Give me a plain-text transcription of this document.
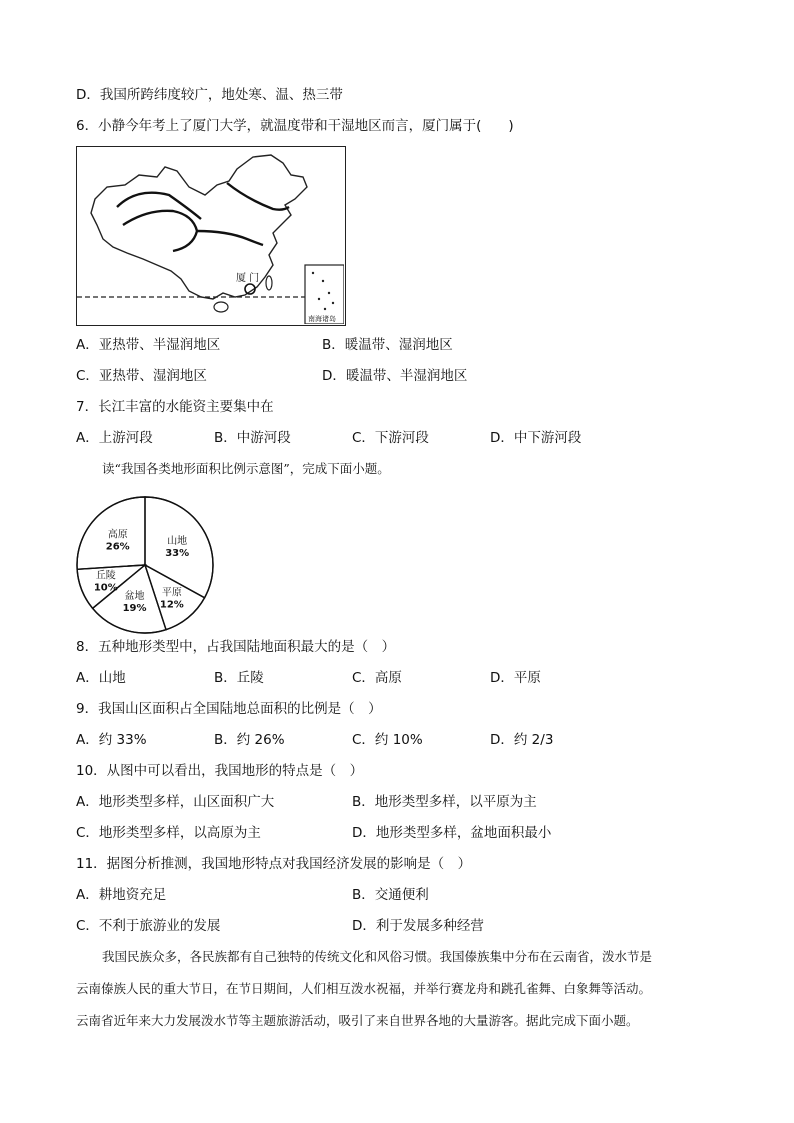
D．我国所跨纬度较广，地处寒、温、热三带
6．小静今年考上了厦门大学，就温度带和干湿地区而言，厦门属于(　　)
厦 门
南海诸岛
A．亚热带、半湿润地区	B．暖温带、湿润地区
C．亚热带、湿润地区	D．暖温带、半湿润地区
7．长江丰富的水能资主要集中在
A．上游河段	B．中游河段	C．下游河段	D．中下游河段
读“我国各类地形面积比例示意图”，完成下面小题。
山地
33%
平原
12%
盆地
19%
丘陵
10%
高原
26%
8．五种地形类型中，占我国陆地面积最大的是（　）
A．山地	B．丘陵	C．高原	D．平原
9．我国山区面积占全国陆地总面积的比例是（　）
A．约 33%	B．约 26%	C．约 10%	D．约 2/3
10．从图中可以看出，我国地形的特点是（　）
A．地形类型多样，山区面积广大	B．地形类型多样，以平原为主
C．地形类型多样，以高原为主	D．地形类型多样，盆地面积最小
11．据图分析推测，我国地形特点对我国经济发展的影响是（　）
A．耕地资充足	B．交通便利
C．不利于旅游业的发展	D．利于发展多种经营
我国民族众多，各民族都有自己独特的传统文化和风俗习惯。我国傣族集中分布在云南省，泼水节是
云南傣族人民的重大节日，在节日期间，人们相互泼水祝福，并举行赛龙舟和跳孔雀舞、白象舞等活动。
云南省近年来大力发展泼水节等主题旅游活动，吸引了来自世界各地的大量游客。据此完成下面小题。
